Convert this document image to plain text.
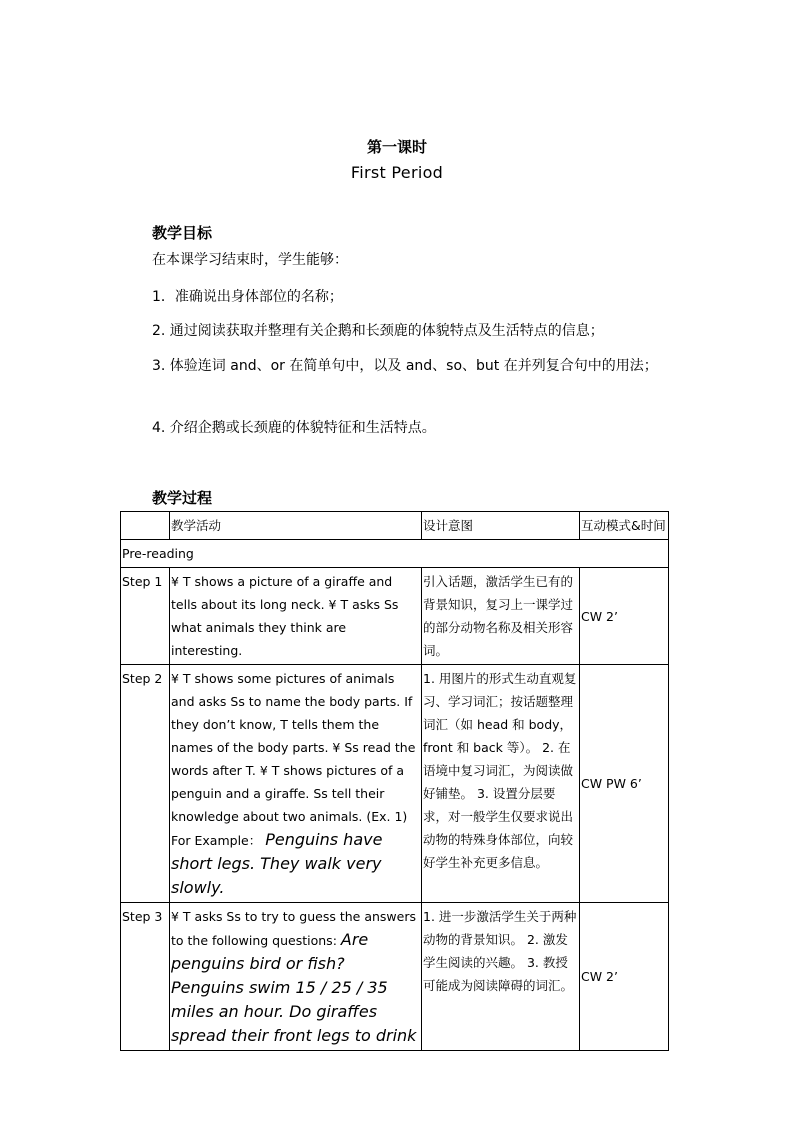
第一课时
First Period
教学目标
在本课学习结束时，学生能够：
1．准确说出身体部位的名称；
2. 通过阅读获取并整理有关企鹅和长颈鹿的体貌特点及生活特点的信息；
3. 体验连词 and、or 在简单句中，以及 and、so、but 在并列复合句中的用法；
4. 介绍企鹅或长颈鹿的体貌特征和生活特点。
教学过程
	教学活动	设计意图	互动模式&时间
Pre-reading			
Step 1	¥ T shows a picture of a giraffe and tells about its long neck. ¥ T asks Ss what animals they think are interesting.	引入话题，激活学生已有的背景知识，复习上一课学过的部分动物名称及相关形容词。	CW 2’
Step 2	¥ T shows some pictures of animals and asks Ss to name the body parts. If they don’t know, T tells them the names of the body parts. ¥ Ss read the words after T. ¥ T shows pictures of a penguin and a giraffe. Ss tell their knowledge about two animals. (Ex. 1) For Example： Penguins have short legs. They walk very slowly.	1. 用图片的形式生动直观复习、学习词汇；按话题整理词汇（如 head 和 body，front 和 back 等）。 2. 在语境中复习词汇，为阅读做好铺垫。 3. 设置分层要求，对一般学生仅要求说出动物的特殊身体部位，向较好学生补充更多信息。	CW PW 6’
Step 3	¥ T asks Ss to try to guess the answers to the following questions: Are penguins bird or fish? Penguins swim 15 / 25 / 35 miles an hour. Do giraffes spread their front legs to drink	1. 进一步激活学生关于两种动物的背景知识。 2. 激发学生阅读的兴趣。 3. 教授可能成为阅读障碍的词汇。	CW 2’
